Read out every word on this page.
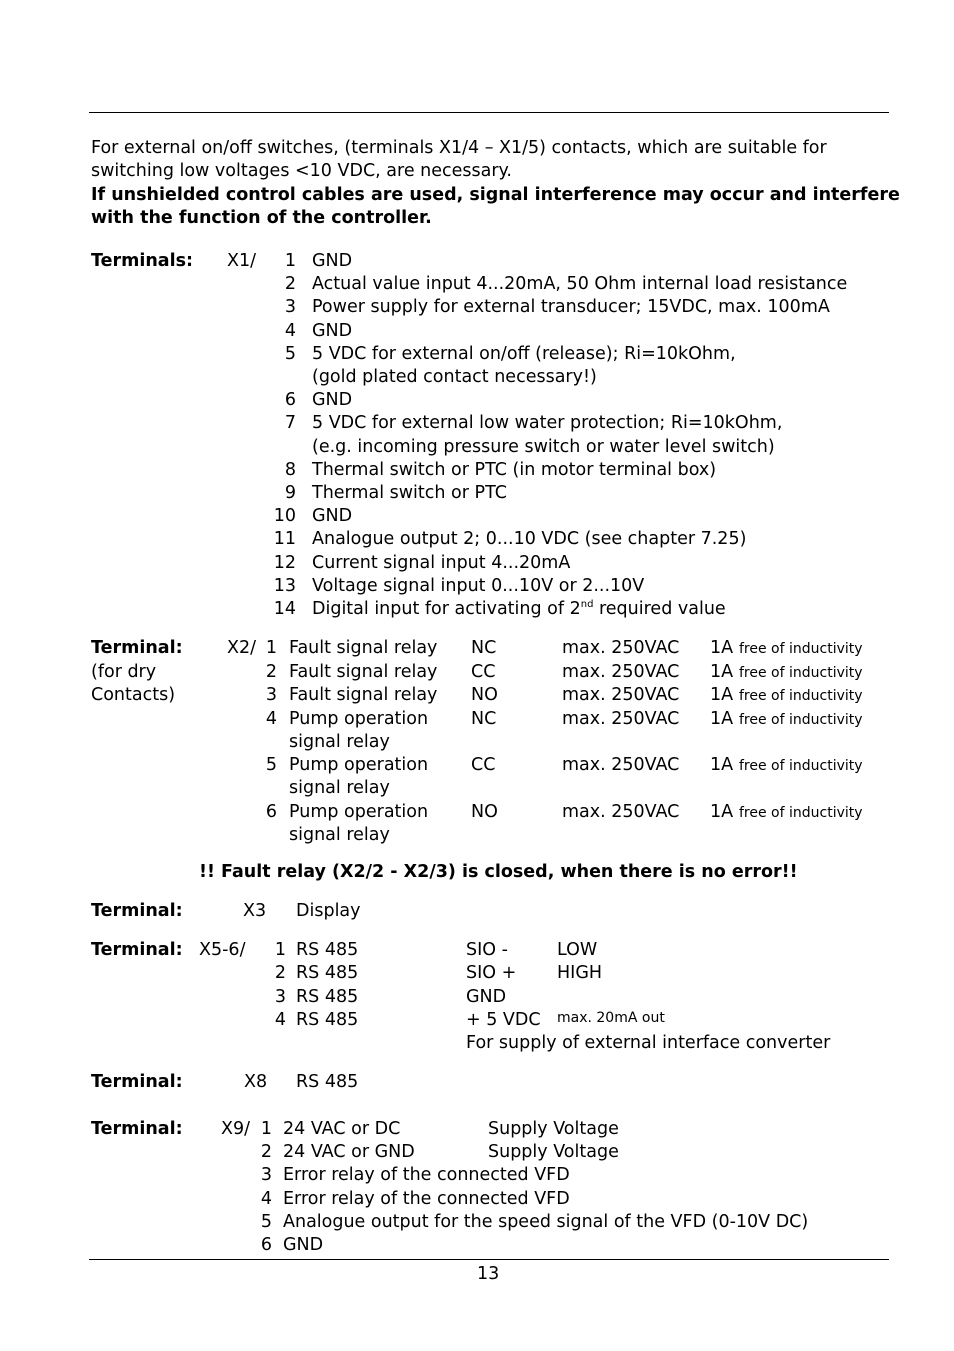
For external on/off switches, (terminals X1/4 – X1/5) contacts, which are suitable for
switching low voltages <10 VDC, are necessary.
If unshielded control cables are used, signal interference may occur and interfere
with the function of the controller.
Terminals: X1/	1 GND
2 Actual value input 4...20mA, 50 Ohm internal load resistance
3 Power supply for external transducer; 15VDC, max. 100mA
4 GND
5 5 VDC for external on/off (release); Ri=10kOhm,
(gold plated contact necessary!)
6 GND
7 5 VDC for external low water protection; Ri=10kOhm,
(e.g. incoming pressure switch or water level switch)
8 Thermal switch or PTC (in motor terminal box)
9 Thermal switch or PTC
10 GND
11 Analogue output 2; 0...10 VDC (see chapter 7.25)
12 Current signal input 4...20mA
13 Voltage signal input 0...10V or 2...10V
14 Digital input for activating of 2nd required value
Terminal:
(for dry
Contacts)
X2/ 1 Fault signal relay NC	max. 250VAC 1A free of inductivity
2 Fault signal relay CC	max. 250VAC 1A free of inductivity
3 Fault signal relay NO	max. 250VAC 1A free of inductivity
4 Pump operation NC	max. 250VAC 1A free of inductivity
signal relay
5 Pump operation CC	max. 250VAC 1A free of inductivity
signal relay
6 Pump operation NO	max. 250VAC 1A free of inductivity
signal relay
!! Fault relay (X2/2 - X2/3) is closed, when there is no error!!
Terminal:	X3 Display
Terminal: X5-6/ 1 RS 485	SIO -	LOW
2 RS 485	SIO + HIGH
3 RS 485	GND
4 RS 485	+ 5 VDC max. 20mA out
For supply of external interface converter
Terminal:	X8 RS 485
Terminal: X9/ 1 24 VAC or DC	Supply Voltage
2 24 VAC or GND	Supply Voltage
3 Error relay of the connected VFD
4 Error relay of the connected VFD
5 Analogue output for the speed signal of the VFD (0-10V DC)
6 GND
13
